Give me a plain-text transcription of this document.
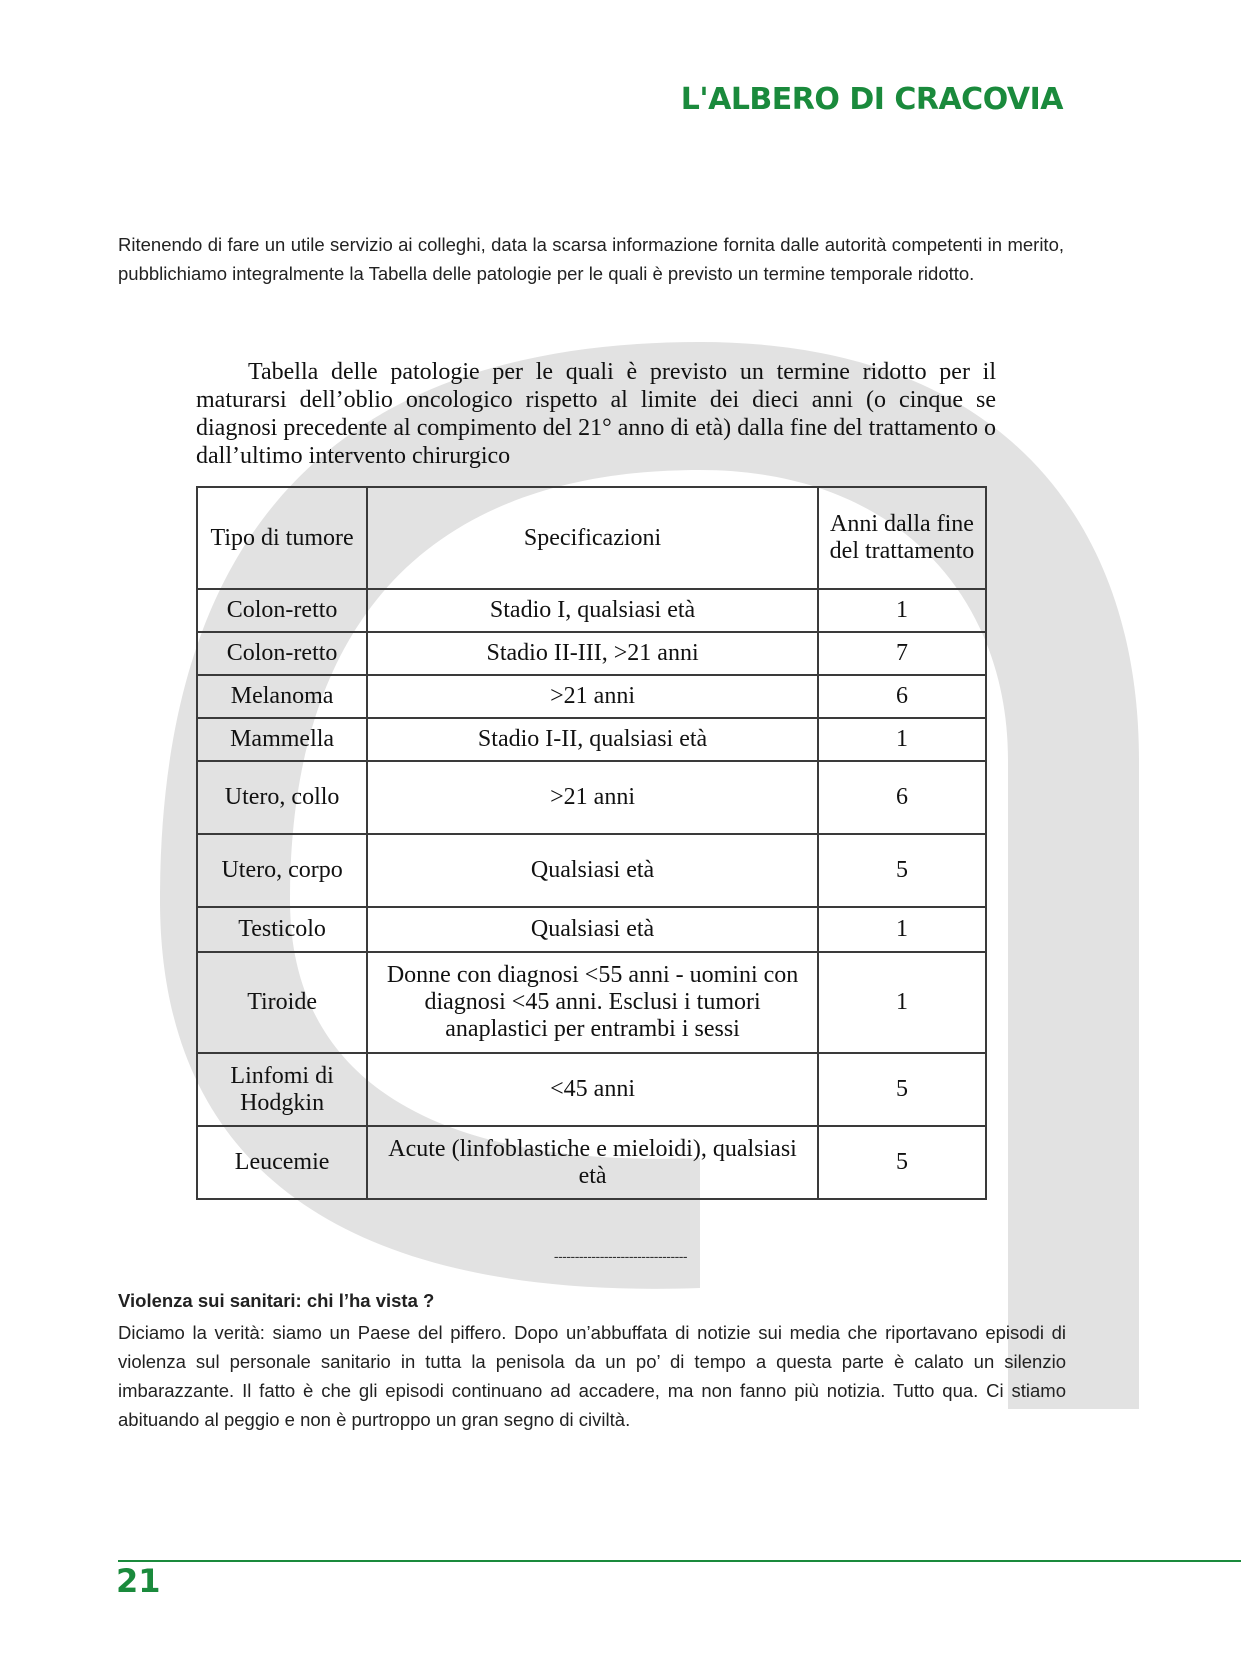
L'ALBERO DI CRACOVIA

Ritenendo di fare un utile servizio ai colleghi, data la scarsa informazione fornita dalle autorità competenti in merito, pubblichiamo integralmente la Tabella delle patologie per le quali è previsto un termine temporale ridotto.

Tabella delle patologie per le quali è previsto un termine ridotto per il maturarsi dell’oblio oncologico rispetto al limite dei dieci anni (o cinque se diagnosi precedente al compimento del 21° anno di età) dalla fine del trattamento o dall’ultimo intervento chirurgico
Tipo di tumore	Specificazioni	Anni dalla fine del trattamento
Colon-retto	Stadio I, qualsiasi età	1
Colon-retto	Stadio II-III, >21 anni	7
Melanoma	>21 anni	6
Mammella	Stadio I-II, qualsiasi età	1
Utero, collo	>21 anni	6
Utero, corpo	Qualsiasi età	5
Testicolo	Qualsiasi età	1
Tiroide	Donne con diagnosi <55 anni - uomini con diagnosi <45 anni. Esclusi i tumori anaplastici per entrambi i sessi	1
Linfomi di Hodgkin	<45 anni	5
Leucemie	Acute (linfoblastiche e mieloidi), qualsiasi età	5
--------------------------------
Violenza sui sanitari: chi l’ha vista ?

Diciamo la verità: siamo un Paese del piffero. Dopo un’abbuffata di notizie sui media che riportavano episodi di violenza sul personale sanitario in tutta la penisola da un po’ di tempo a questa parte è calato un silenzio imbarazzante. Il fatto è che gli episodi continuano ad accadere, ma non fanno più notizia. Tutto qua. Ci stiamo abituando al peggio e non è purtroppo un gran segno di civiltà.

21
